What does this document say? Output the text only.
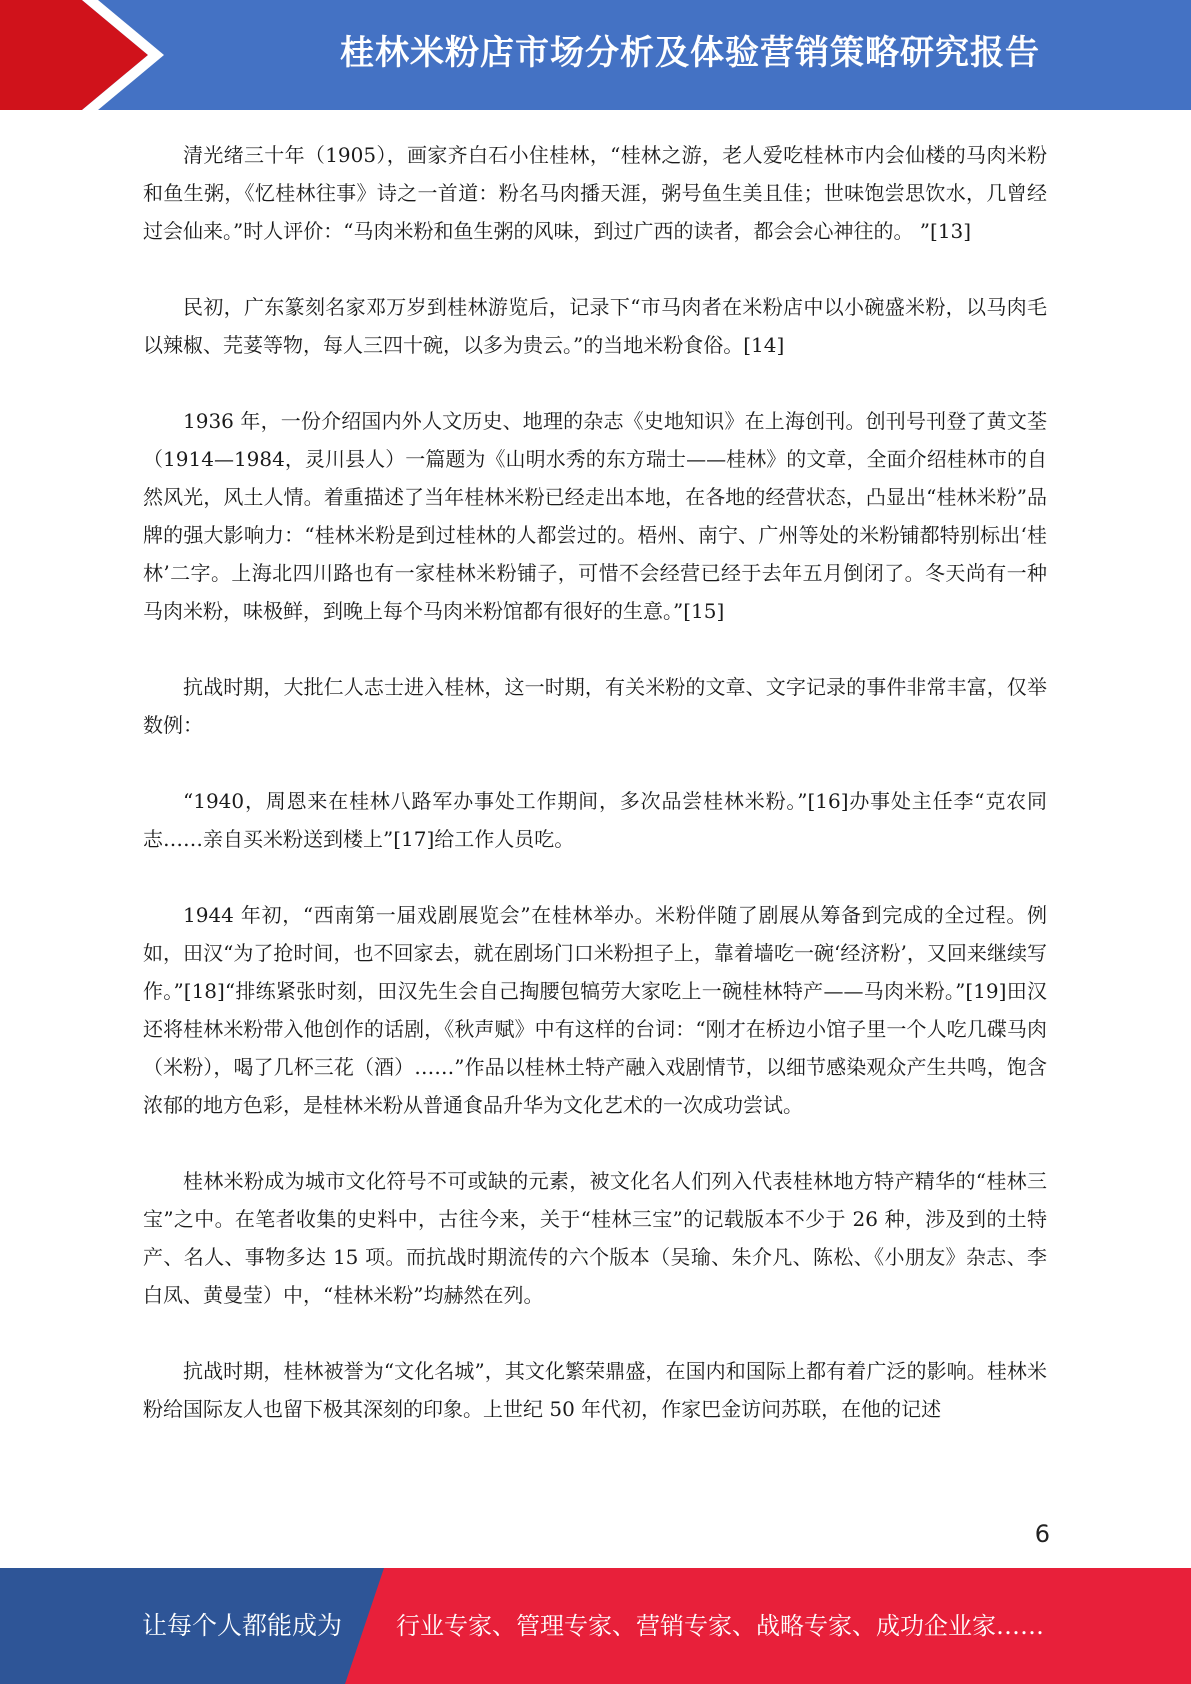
桂林米粉店市场分析及体验营销策略研究报告

清光绪三十年（1905），画家齐白石小住桂林，“桂林之游，老人爱吃桂林市内会仙楼的马肉米粉和鱼生粥，《忆桂林往事》诗之一首道：粉名马肉播天涯，粥号鱼生美且佳；世味饱尝思饮水，几曾经过会仙来。”时人评价：“马肉米粉和鱼生粥的风味，到过广西的读者，都会会心神往的。 ”[13]

民初，广东篆刻名家邓万岁到桂林游览后，记录下“市马肉者在米粉店中以小碗盛米粉，以马肉毛以辣椒、芫荽等物，每人三四十碗，以多为贵云。”的当地米粉食俗。[14]

1936 年，一份介绍国内外人文历史、地理的杂志《史地知识》在上海创刊。创刊号刊登了黄文荃（1914—1984，灵川县人）一篇题为《山明水秀的东方瑞士——桂林》的文章，全面介绍桂林市的自然风光，风土人情。着重描述了当年桂林米粉已经走出本地，在各地的经营状态，凸显出“桂林米粉”品牌的强大影响力：“桂林米粉是到过桂林的人都尝过的。梧州、南宁、广州等处的米粉铺都特别标出‘桂林’二字。上海北四川路也有一家桂林米粉铺子，可惜不会经营已经于去年五月倒闭了。冬天尚有一种马肉米粉，味极鲜，到晚上每个马肉米粉馆都有很好的生意。”[15]

抗战时期，大批仁人志士进入桂林，这一时期，有关米粉的文章、文字记录的事件非常丰富，仅举数例：

“1940，周恩来在桂林八路军办事处工作期间，多次品尝桂林米粉。”[16]办事处主任李“克农同志……亲自买米粉送到楼上”[17]给工作人员吃。

1944 年初，“西南第一届戏剧展览会”在桂林举办。米粉伴随了剧展从筹备到完成的全过程。例如，田汉“为了抢时间，也不回家去，就在剧场门口米粉担子上，靠着墙吃一碗‘经济粉’，又回来继续写作。”[18]“排练紧张时刻，田汉先生会自己掏腰包犒劳大家吃上一碗桂林特产——马肉米粉。”[19]田汉还将桂林米粉带入他创作的话剧，《秋声赋》中有这样的台词：“刚才在桥边小馆子里一个人吃几碟马肉（米粉），喝了几杯三花（酒）……”作品以桂林土特产融入戏剧情节，以细节感染观众产生共鸣，饱含浓郁的地方色彩，是桂林米粉从普通食品升华为文化艺术的一次成功尝试。

桂林米粉成为城市文化符号不可或缺的元素，被文化名人们列入代表桂林地方特产精华的“桂林三宝”之中。在笔者收集的史料中，古往今来，关于“桂林三宝”的记载版本不少于 26 种，涉及到的土特产、名人、事物多达 15 项。而抗战时期流传的六个版本（吴瑜、朱介凡、陈松、《小朋友》杂志、李白凤、黄曼莹）中，“桂林米粉”均赫然在列。

抗战时期，桂林被誉为“文化名城”，其文化繁荣鼎盛，在国内和国际上都有着广泛的影响。桂林米粉给国际友人也留下极其深刻的印象。上世纪 50 年代初，作家巴金访问苏联，在他的记述

6
让每个人都能成为 行业专家、管理专家、营销专家、战略专家、成功企业家……
